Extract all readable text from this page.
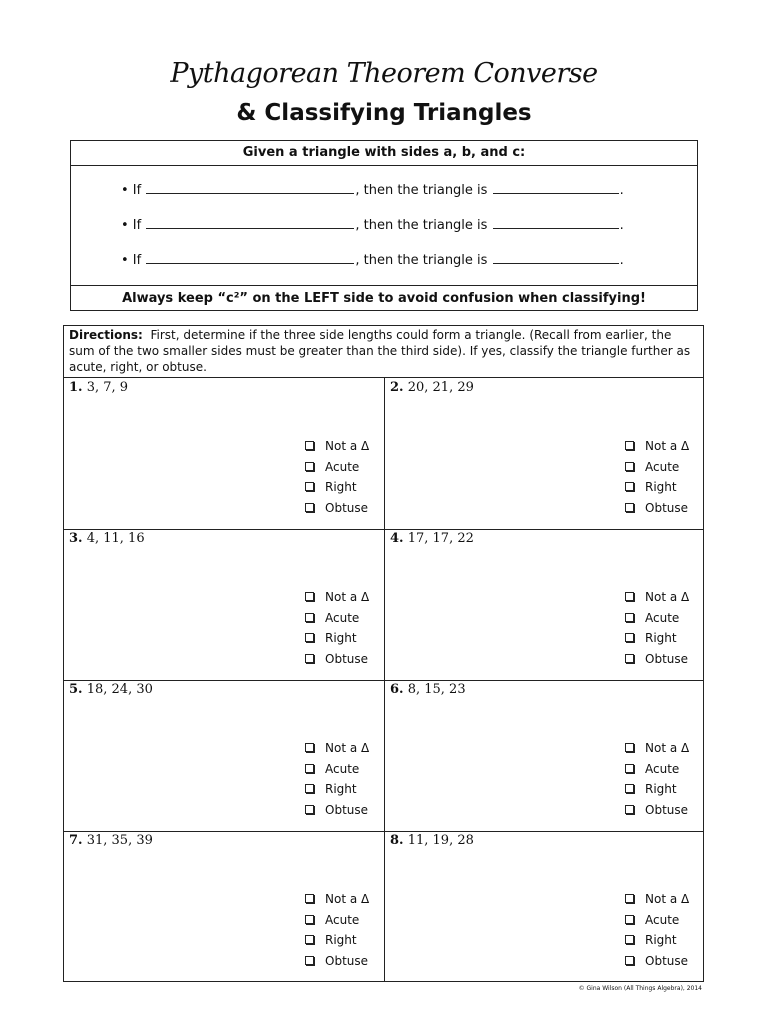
Pythagorean Theorem Converse
& Classifying Triangles
Given a triangle with sides a, b, and c:
• If	, then the triangle is	.
• If	, then the triangle is	.
• If	, then the triangle is	.
Always keep “c²” on the LEFT side to avoid confusion when classifying!
Directions: First, determine if the three side lengths could form a triangle. (Recall from earlier, the sum of the two smaller sides must be greater than the third side). If yes, classify the triangle further as acute, right, or obtuse.
1. 3, 7, 9
Not a Δ
Acute
Right
Obtuse
2. 20, 21, 29
Not a Δ
Acute
Right
Obtuse
3. 4, 11, 16
Not a Δ
Acute
Right
Obtuse
4. 17, 17, 22
Not a Δ
Acute
Right
Obtuse
5. 18, 24, 30
Not a Δ
Acute
Right
Obtuse
6. 8, 15, 23
Not a Δ
Acute
Right
Obtuse
7. 31, 35, 39
Not a Δ
Acute
Right
Obtuse
8. 11, 19, 28
Not a Δ
Acute
Right
Obtuse
© Gina Wilson (All Things Algebra), 2014
